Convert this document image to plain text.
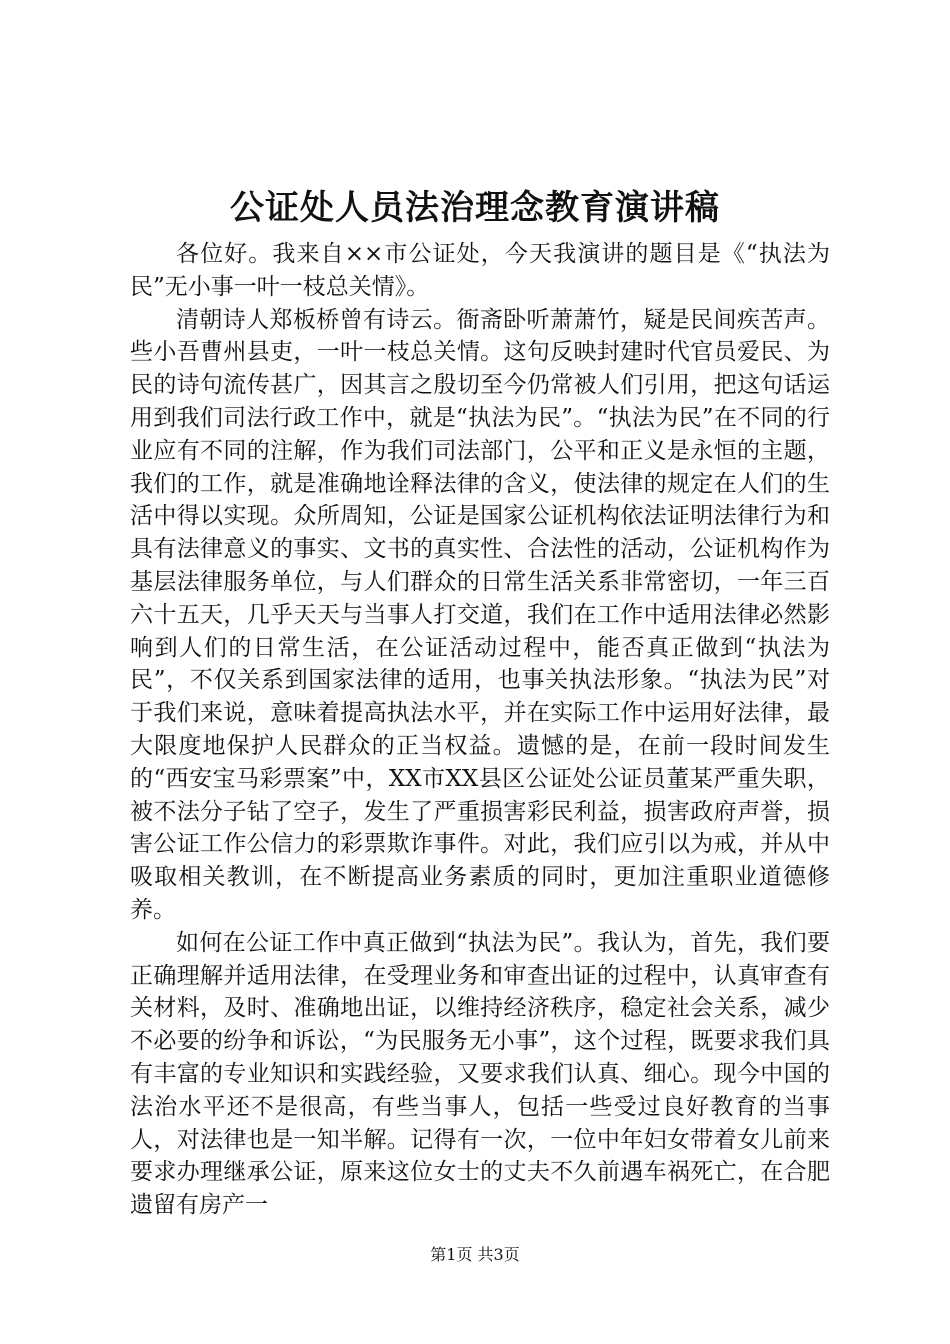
公证处人员法治理念教育演讲稿

各位好。我来自××市公证处，今天我演讲的题目是《“执法为民”无小事一叶一枝总关情》。

清朝诗人郑板桥曾有诗云。衙斋卧听萧萧竹，疑是民间疾苦声。些小吾曹州县吏，一叶一枝总关情。这句反映封建时代官员爱民、为民的诗句流传甚广，因其言之殷切至今仍常被人们引用，把这句话运用到我们司法行政工作中，就是“执法为民”。“执法为民”在不同的行业应有不同的注解，作为我们司法部门，公平和正义是永恒的主题，我们的工作，就是准确地诠释法律的含义，使法律的规定在人们的生活中得以实现。众所周知，公证是国家公证机构依法证明法律行为和具有法律意义的事实、文书的真实性、合法性的活动，公证机构作为基层法律服务单位，与人们群众的日常生活关系非常密切，一年三百六十五天，几乎天天与当事人打交道，我们在工作中适用法律必然影响到人们的日常生活，在公证活动过程中，能否真正做到“执法为民”，不仅关系到国家法律的适用，也事关执法形象。“执法为民”对于我们来说，意味着提高执法水平，并在实际工作中运用好法律，最大限度地保护人民群众的正当权益。遗憾的是，在前一段时间发生的“西安宝马彩票案”中，XX市XX县区公证处公证员董某严重失职，被不法分子钻了空子，发生了严重损害彩民利益，损害政府声誉，损害公证工作公信力的彩票欺诈事件。对此，我们应引以为戒，并从中吸取相关教训，在不断提高业务素质的同时，更加注重职业道德修养。

如何在公证工作中真正做到“执法为民”。我认为，首先，我们要正确理解并适用法律，在受理业务和审查出证的过程中，认真审查有关材料，及时、准确地出证，以维持经济秩序，稳定社会关系，减少不必要的纷争和诉讼，“为民服务无小事”，这个过程，既要求我们具有丰富的专业知识和实践经验，又要求我们认真、细心。现今中国的法治水平还不是很高，有些当事人，包括一些受过良好教育的当事人，对法律也是一知半解。记得有一次，一位中年妇女带着女儿前来要求办理继承公证，原来这位女士的丈夫不久前遇车祸死亡，在合肥遗留有房产一

第1页 共3页
